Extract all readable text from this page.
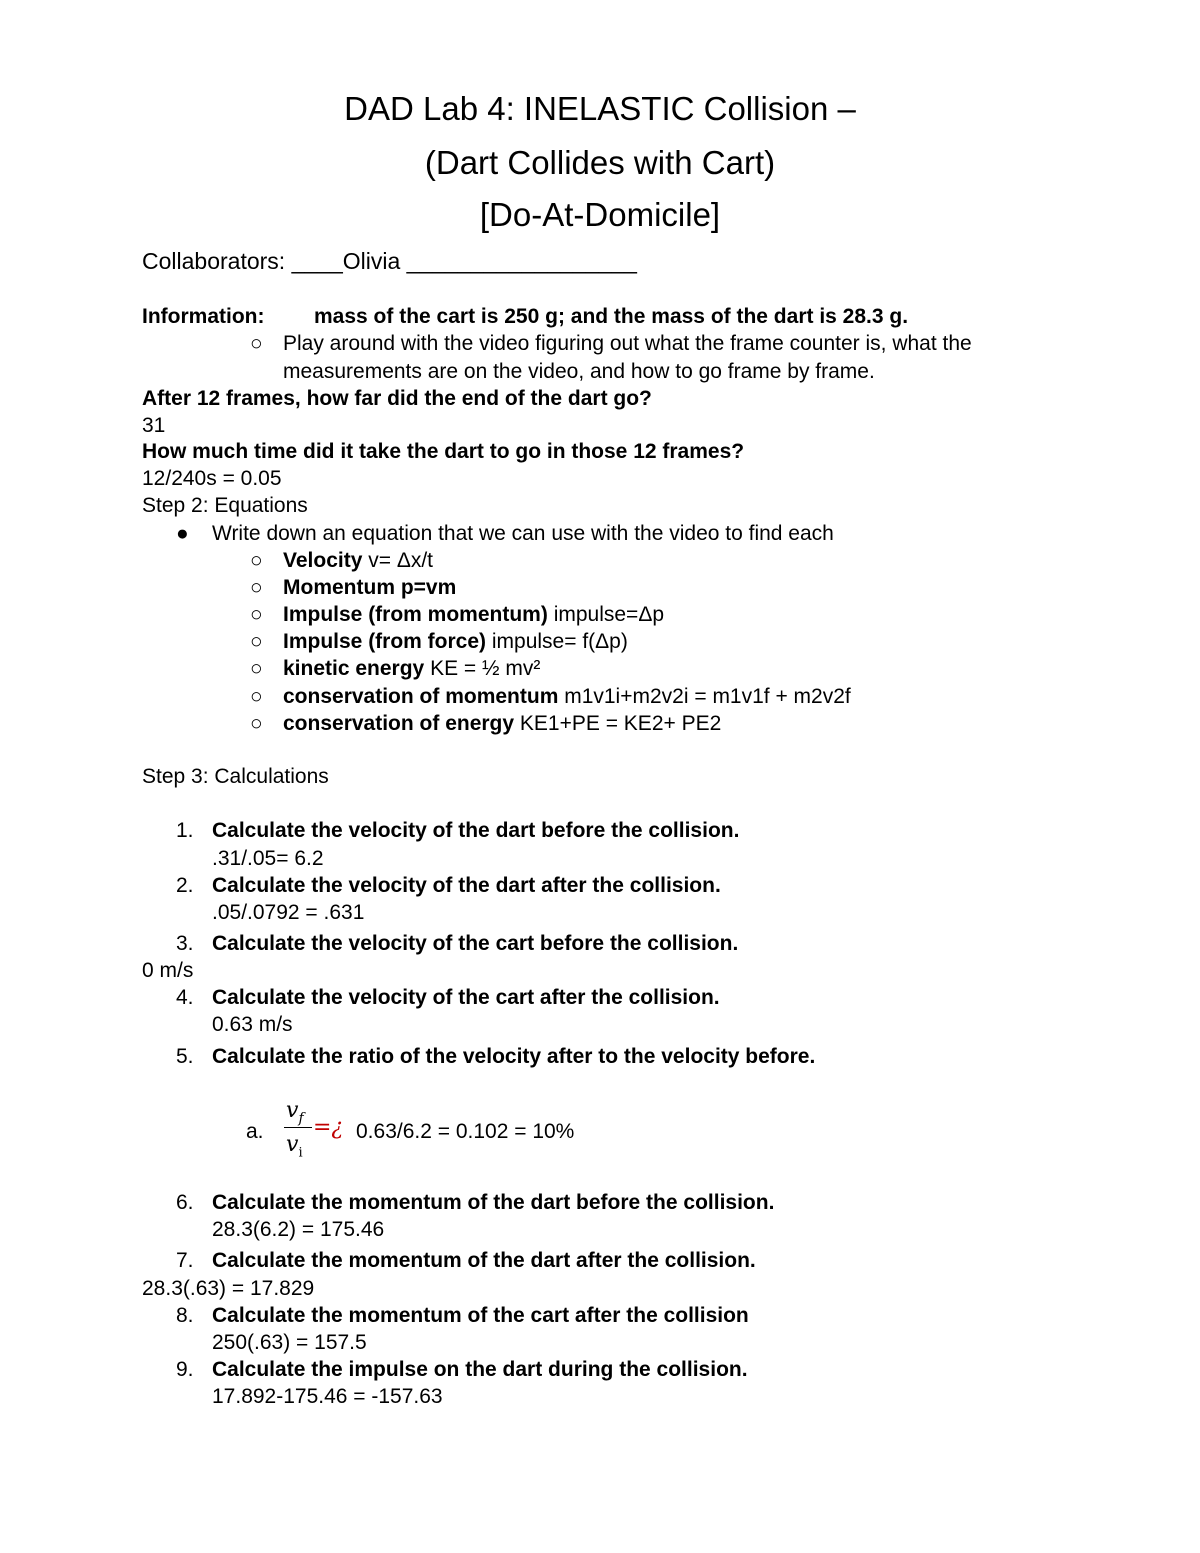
DAD Lab 4: INELASTIC Collision –
(Dart Collides with Cart)
[Do-At-Domicile]
Collaborators: ____Olivia __________________
Information: mass of the cart is 250 g; and the mass of the dart is 28.3 g.
○ Play around with the video figuring out what the frame counter is, what the
measurements are on the video, and how to go frame by frame.
After 12 frames, how far did the end of the dart go?
31
How much time did it take the dart to go in those 12 frames?
12/240s = 0.05
Step 2: Equations
● Write down an equation that we can use with the video to find each
○ Velocity v= Δx/t
○ Momentum p=vm
○ Impulse (from momentum) impulse=Δp
○ Impulse (from force) impulse= f(Δp)
○ kinetic energy KE = ½ mv²
○ conservation of momentum m1v1i+m2v2i = m1v1f + m2v2f
○ conservation of energy KE1+PE = KE2+ PE2
Step 3: Calculations
1. Calculate the velocity of the dart before the collision.
.31/.05= 6.2
2. Calculate the velocity of the dart after the collision.
.05/.0792 = .631
3. Calculate the velocity of the cart before the collision.
0 m/s
4. Calculate the velocity of the cart after the collision.
0.63 m/s
5. Calculate the ratio of the velocity after to the velocity before.
a.
$v_f$
$v_i$
=¿ 0.63/6.2 = 0.102 = 10%
6. Calculate the momentum of the dart before the collision.
28.3(6.2) = 175.46
7. Calculate the momentum of the dart after the collision.
28.3(.63) = 17.829
8. Calculate the momentum of the cart after the collision
250(.63) = 157.5
9. Calculate the impulse on the dart during the collision.
17.892-175.46 = -157.63
